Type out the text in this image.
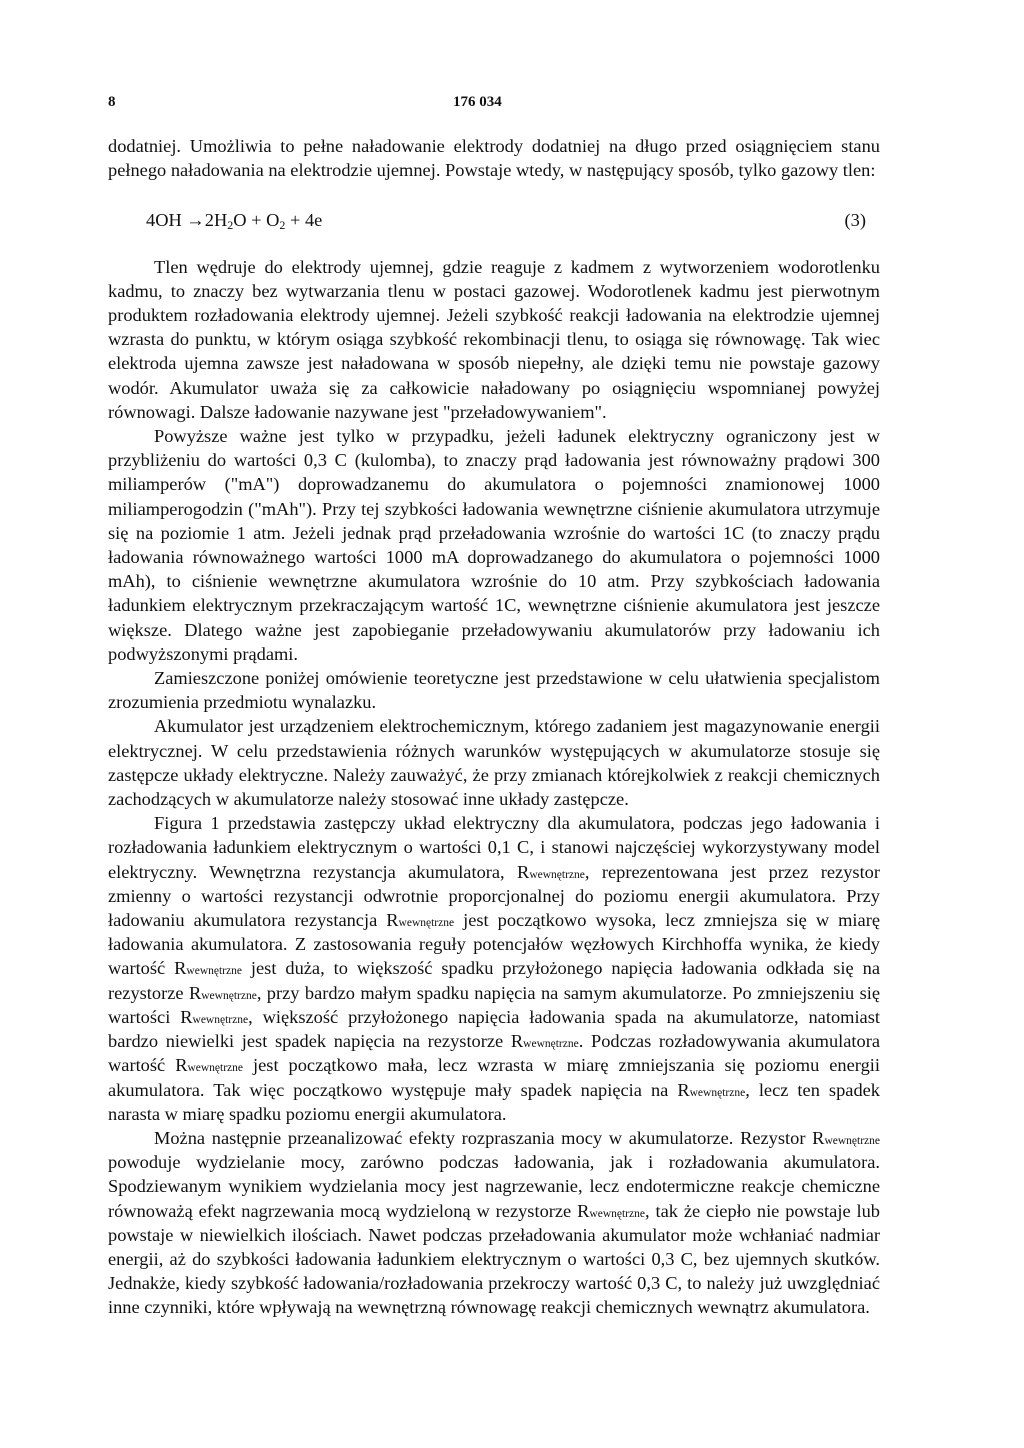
8	176 034

dodatniej. Umożliwia to pełne naładowanie elektrody dodatniej na długo przed osiągnięciem stanu pełnego naładowania na elektrodzie ujemnej. Powstaje wtedy, w następujący sposób, tylko gazowy tlen:

$4OH \to 2H_2O + O_2 + 4e$	(3)

Tlen wędruje do elektrody ujemnej, gdzie reaguje z kadmem z wytworzeniem wodorotlenku kadmu, to znaczy bez wytwarzania tlenu w postaci gazowej. Wodorotlenek kadmu jest pierwotnym produktem rozładowania elektrody ujemnej. Jeżeli szybkość reakcji ładowania na elektrodzie ujemnej wzrasta do punktu, w którym osiąga szybkość rekombinacji tlenu, to osiąga się równowagę. Tak wiec elektroda ujemna zawsze jest naładowana w sposób niepełny, ale dzięki temu nie powstaje gazowy wodór. Akumulator uważa się za całkowicie naładowany po osiągnięciu wspomnianej powyżej równowagi. Dalsze ładowanie nazywane jest "przeładowywaniem".

Powyższe ważne jest tylko w przypadku, jeżeli ładunek elektryczny ograniczony jest w przybliżeniu do wartości 0,3 C (kulomba), to znaczy prąd ładowania jest równoważny prądowi 300 miliamperów ("mA") doprowadzanemu do akumulatora o pojemności znamionowej 1000 miliamperogodzin ("mAh"). Przy tej szybkości ładowania wewnętrzne ciśnienie akumulatora utrzymuje się na poziomie 1 atm. Jeżeli jednak prąd przeładowania wzrośnie do wartości 1C (to znaczy prądu ładowania równoważnego wartości 1000 mA doprowadzanego do akumulatora o pojemności 1000 mAh), to ciśnienie wewnętrzne akumulatora wzrośnie do 10 atm. Przy szybkościach ładowania ładunkiem elektrycznym przekraczającym wartość 1C, wewnętrzne ciśnienie akumulatora jest jeszcze większe. Dlatego ważne jest zapobieganie przeładowywaniu akumulatorów przy ładowaniu ich podwyższonymi prądami.

Zamieszczone poniżej omówienie teoretyczne jest przedstawione w celu ułatwienia specjalistom zrozumienia przedmiotu wynalazku.

Akumulator jest urządzeniem elektrochemicznym, którego zadaniem jest magazynowanie energii elektrycznej. W celu przedstawienia różnych warunków występujących w akumulatorze stosuje się zastępcze układy elektryczne. Należy zauważyć, że przy zmianach którejkolwiek z reakcji chemicznych zachodzących w akumulatorze należy stosować inne układy zastępcze.

Figura 1 przedstawia zastępczy układ elektryczny dla akumulatora, podczas jego ładowania i rozładowania ładunkiem elektrycznym o wartości 0,1 C, i stanowi najczęściej wykorzystywany model elektryczny. Wewnętrzna rezystancja akumulatora, Rwewnętrzne, reprezentowana jest przez rezystor zmienny o wartości rezystancji odwrotnie proporcjonalnej do poziomu energii akumulatora. Przy ładowaniu akumulatora rezystancja Rwewnętrzne jest początkowo wysoka, lecz zmniejsza się w miarę ładowania akumulatora. Z zastosowania reguły potencjałów węzłowych Kirchhoffa wynika, że kiedy wartość Rwewnętrzne jest duża, to większość spadku przyłożonego napięcia ładowania odkłada się na rezystorze Rwewnętrzne, przy bardzo małym spadku napięcia na samym akumulatorze. Po zmniejszeniu się wartości Rwewnętrzne, większość przyłożonego napięcia ładowania spada na akumulatorze, natomiast bardzo niewielki jest spadek napięcia na rezystorze Rwewnętrzne. Podczas rozładowywania akumulatora wartość Rwewnętrzne jest początkowo mała, lecz wzrasta w miarę zmniejszania się poziomu energii akumulatora. Tak więc początkowo występuje mały spadek napięcia na Rwewnętrzne, lecz ten spadek narasta w miarę spadku poziomu energii akumulatora.

Można następnie przeanalizować efekty rozpraszania mocy w akumulatorze. Rezystor Rwewnętrzne powoduje wydzielanie mocy, zarówno podczas ładowania, jak i rozładowania akumulatora. Spodziewanym wynikiem wydzielania mocy jest nagrzewanie, lecz endotermiczne reakcje chemiczne równoważą efekt nagrzewania mocą wydzieloną w rezystorze Rwewnętrzne, tak że ciepło nie powstaje lub powstaje w niewielkich ilościach. Nawet podczas przeładowania akumulator może wchłaniać nadmiar energii, aż do szybkości ładowania ładunkiem elektrycznym o wartości 0,3 C, bez ujemnych skutków. Jednakże, kiedy szybkość ładowania/rozładowania przekroczy wartość 0,3 C, to należy już uwzględniać inne czynniki, które wpływają na wewnętrzną równowagę reakcji chemicznych wewnątrz akumulatora.
